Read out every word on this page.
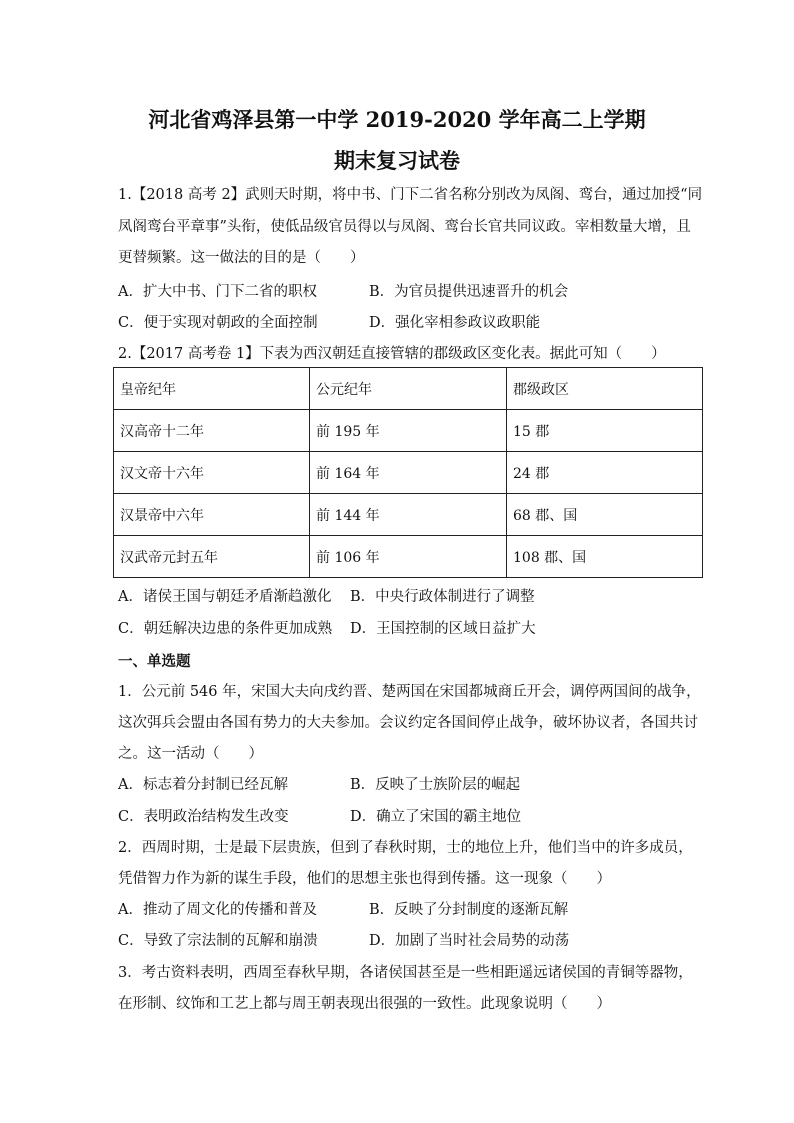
河北省鸡泽县第一中学 2019-2020 学年高二上学期
期末复习试卷
1.【2018 高考 2】武则天时期，将中书、门下二省名称分别改为凤阁、鸾台，通过加授“同
凤阁鸾台平章事”头衔，使低品级官员得以与凤阁、鸾台长官共同议政。宰相数量大增，且
更替频繁。这一做法的目的是（　　）
A．扩大中书、门下二省的职权	B．为官员提供迅速晋升的机会
C．便于实现对朝政的全面控制	D．强化宰相参政议政职能
2.【2017 高考卷 1】下表为西汉朝廷直接管辖的郡级政区变化表。据此可知（　　）
皇帝纪年	公元纪年	郡级政区
汉高帝十二年	前 195 年	15 郡
汉文帝十六年	前 164 年	24 郡
汉景帝中六年	前 144 年	68 郡、国
汉武帝元封五年	前 106 年	108 郡、国
A．诸侯王国与朝廷矛盾渐趋激化 B．中央行政体制进行了调整
C．朝廷解决边患的条件更加成熟 D．王国控制的区域日益扩大
一、单选题
1．公元前 546 年，宋国大夫向戌约晋、楚两国在宋国都城商丘开会，调停两国间的战争，
这次弭兵会盟由各国有势力的大夫参加。会议约定各国间停止战争，破坏协议者，各国共讨
之。这一活动（　　）
A．标志着分封制已经瓦解	B．反映了士族阶层的崛起
C．表明政治结构发生改变	D．确立了宋国的霸主地位
2．西周时期，士是最下层贵族，但到了春秋时期，士的地位上升，他们当中的许多成员，
凭借智力作为新的谋生手段，他们的思想主张也得到传播。这一现象（　　）
A．推动了周文化的传播和普及	B．反映了分封制度的逐渐瓦解
C．导致了宗法制的瓦解和崩溃	D．加剧了当时社会局势的动荡
3．考古资料表明，西周至春秋早期，各诸侯国甚至是一些相距遥远诸侯国的青铜等器物，
在形制、纹饰和工艺上都与周王朝表现出很强的一致性。此现象说明（　　）
